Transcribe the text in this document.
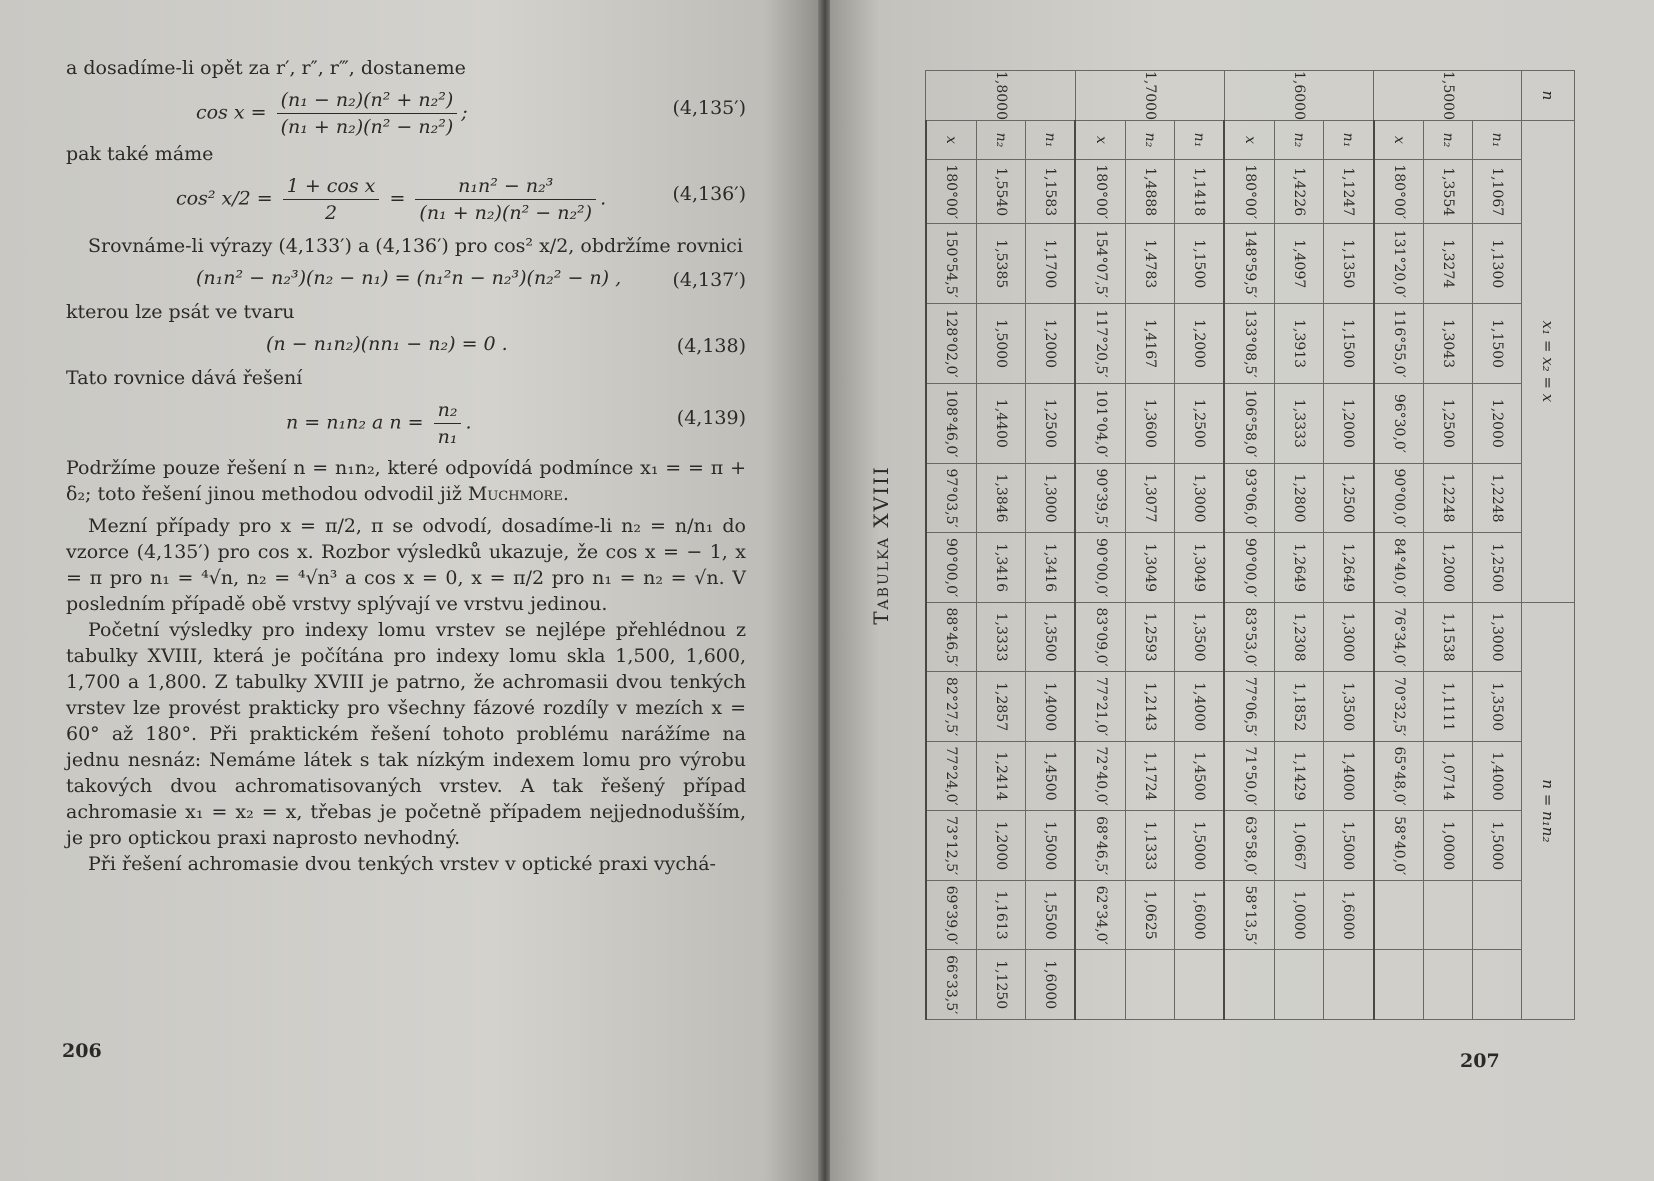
a dosadíme-li opět za r′, r″, r‴, dostaneme

$\cos x = \frac{\text{(n₁ − n₂)(n² + n₂²)}}{\text{(n₁ + n₂)(n² − n₂²)}}$ ;	(4,135′)

pak také máme

cos² $x/2 = \frac{\text{1 + cos x}}{2} = \frac{\text{n₁n² − n₂³}}{\text{(n₁ + n₂)(n² − n₂²)}}$ .	(4,136′)

Srovnáme-li výrazy (4,133′) a (4,136′) pro cos² x/2, obdržíme rovnici

(n₁n² − n₂³)(n₂ − n₁) = (n₁²n − n₂³)(n₂² − n) ,	(4,137′)

kterou lze psát ve tvaru

(n − n₁n₂)(nn₁ − n₂) = 0 .	(4,138)

Tato rovnice dává řešení

n = n₁n₂ a $n = \frac{\text{n₂}}{\text{n₁}}$ .	(4,139)

Podržíme pouze řešení n = n₁n₂, které odpovídá podmínce x₁ = = π + δ₂; toto řešení jinou methodou odvodil již Muchmore.

Mezní případy pro x = π/2, π se odvodí, dosadíme-li n₂ = n/n₁ do vzorce (4,135′) pro cos x. Rozbor výsledků ukazuje, že cos x = − 1, x = π pro n₁ = ⁴√n, n₂ = ⁴√n³ a cos x = 0, x = π/2 pro n₁ = n₂ = √n. V posledním případě obě vrstvy splývají ve vrstvu jedinou.

Početní výsledky pro indexy lomu vrstev se nejlépe přehlédnou z tabulky XVIII, která je počítána pro indexy lomu skla 1,500, 1,600, 1,700 a 1,800. Z tabulky XVIII je patrno, že achromasii dvou tenkých vrstev lze provést prakticky pro všechny fázové rozdíly v mezích x = 60° až 180°. Při praktickém řešení tohoto problému narážíme na jednu nesnáz: Nemáme látek s tak nízkým indexem lomu pro výrobu takových dvou achromatisovaných vrstev. A tak řešený případ achromasie x₁ = x₂ = x, třebas je početně případem nejjednodušším, je pro optickou praxi naprosto nevhodný.

Při řešení achromasie dvou tenkých vrstev v optické praxi vychá-

206
Tabulka XVIII
n	x₁ = x₂ = x							n = n₁n₂					
1,5000	n₁	1,1067	1,1300	1,1500	1,2000	1,2248	1,2500	1,3000	1,3500	1,4000	1,5000		
	n₂	1,3554	1,3274	1,3043	1,2500	1,2248	1,2000	1,1538	1,1111	1,0714	1,0000		
	x	180°00′	131°20,0′	116°55,0′	96°30,0′	90°00,0′	84°40,0′	76°34,0′	70°32,5′	65°48,0′	58°40,0′		
1,6000	n₁	1,1247	1,1350	1,1500	1,2000	1,2500	1,2649	1,3000	1,3500	1,4000	1,5000	1,6000	
	n₂	1,4226	1,4097	1,3913	1,3333	1,2800	1,2649	1,2308	1,1852	1,1429	1,0667	1,0000	
	x	180°00′	148°59,5′	133°08,5′	106°58,0′	93°06,0′	90°00,0′	83°53,0′	77°06,5′	71°50,0′	63°58,0′	58°13,5′	
1,7000	n₁	1,1418	1,1500	1,2000	1,2500	1,3000	1,3049	1,3500	1,4000	1,4500	1,5000	1,6000	
	n₂	1,4888	1,4783	1,4167	1,3600	1,3077	1,3049	1,2593	1,2143	1,1724	1,1333	1,0625	
	x	180°00′	154°07,5′	117°20,5′	101°04,0′	90°39,5′	90°00,0′	83°09,0′	77°21,0′	72°40,0′	68°46,5′	62°34,0′	
1,8000	n₁	1,1583	1,1700	1,2000	1,2500	1,3000	1,3416	1,3500	1,4000	1,4500	1,5000	1,5500	1,6000
	n₂	1,5540	1,5385	1,5000	1,4400	1,3846	1,3416	1,3333	1,2857	1,2414	1,2000	1,1613	1,1250
	x	180°00′	150°54,5′	128°02,0′	108°46,0′	97°03,5′	90°00,0′	88°46,5′	82°27,5′	77°24,0′	73°12,5′	69°39,0′	66°33,5′
207
